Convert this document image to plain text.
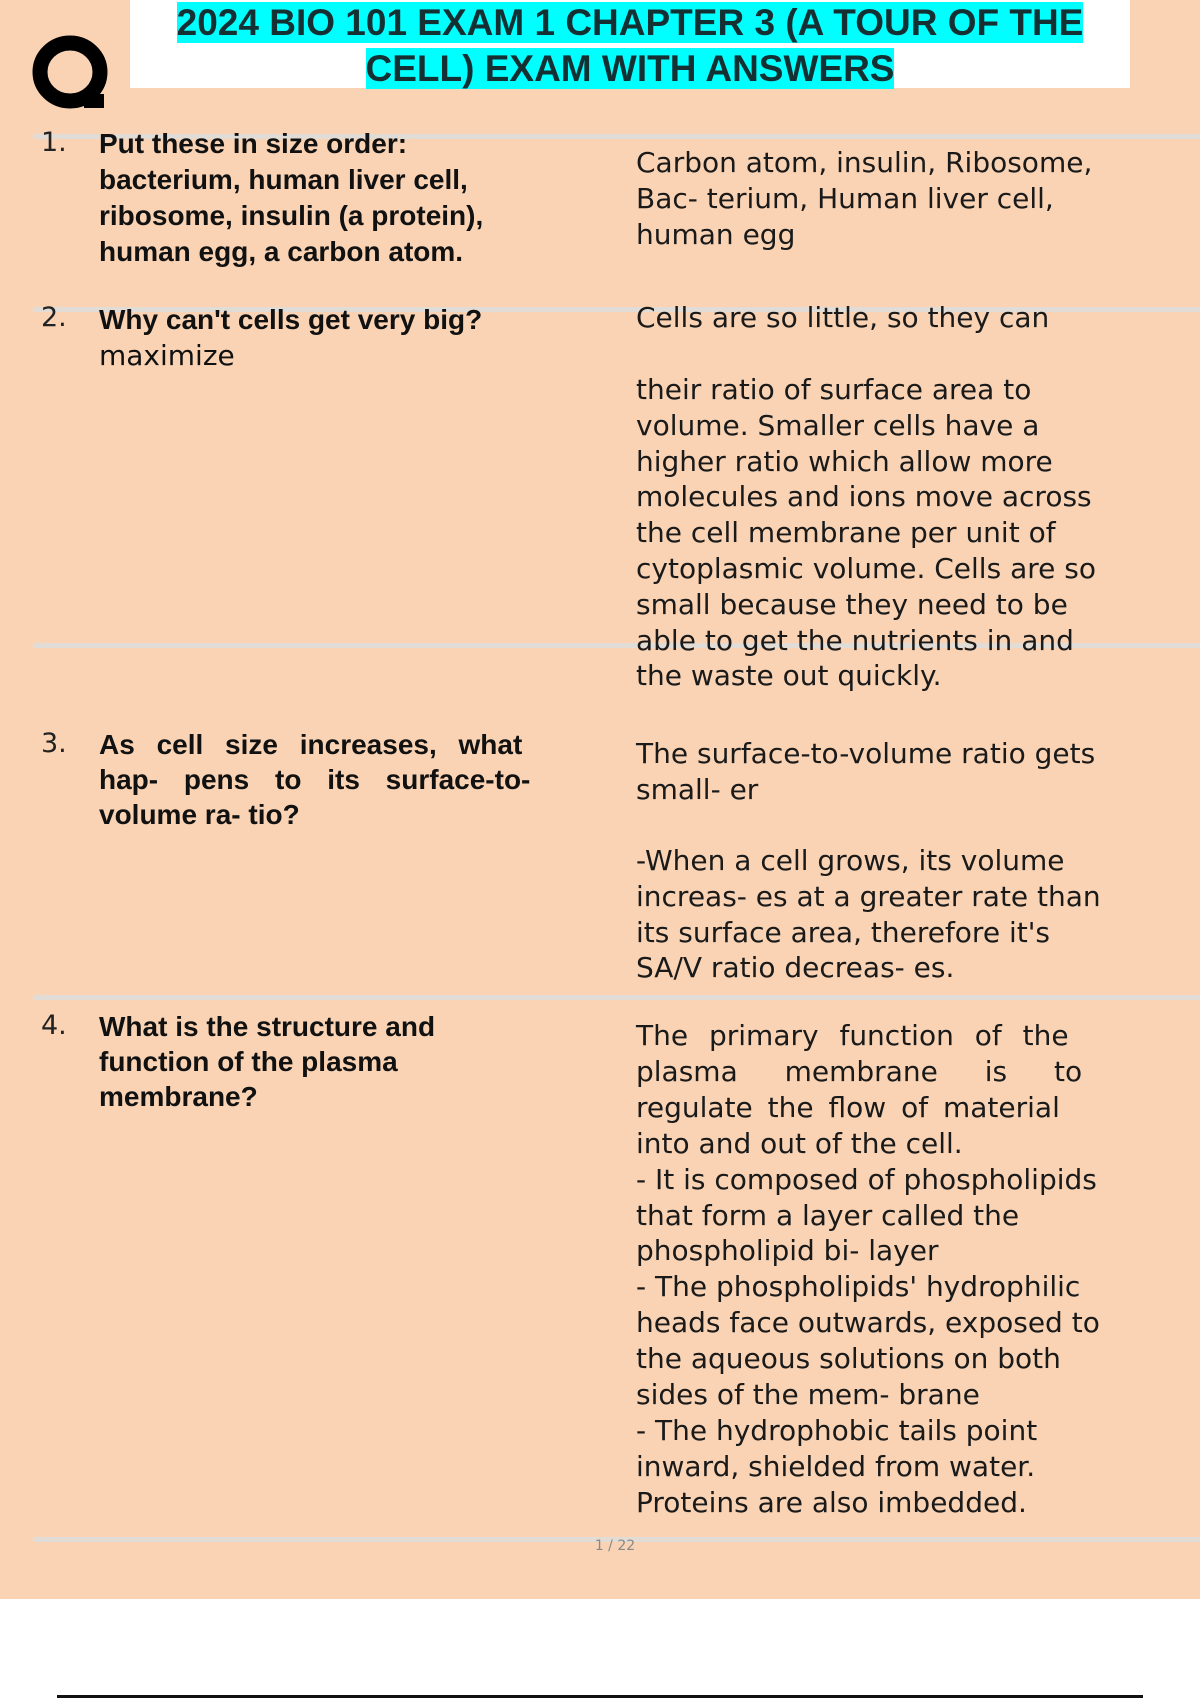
2024 BIO 101 EXAM 1 CHAPTER 3 (A TOUR OF THE
CELL) EXAM WITH ANSWERS
1. Put these in size order:
bacterium, human liver cell,
ribosome, insulin (a protein),
human egg, a carbon atom.
Carbon atom, insulin, Ribosome,
Bac- terium, Human liver cell,
human egg
2. Why can't cells get very big?
maximize
Cells are so little, so they can
their ratio of surface area to
volume. Smaller cells have a
higher ratio which allow more
molecules and ions move across
the cell membrane per unit of
cytoplasmic volume. Cells are so
small because they need to be
able to get the nutrients in and
the waste out quickly.
3. As cell size increases, what
hap- pens to its surface-to-
volume ra- tio?
The surface-to-volume ratio gets
small- er
-When a cell grows, its volume
increas- es at a greater rate than
its surface area, therefore it's
SA/V ratio decreas- es.
4. What is the structure and
function of the plasma
membrane?
The primary function of the
plasma membrane is to
regulate the flow of material
into and out of the cell.
- It is composed of phospholipids
that form a layer called the
phospholipid bi- layer
- The phospholipids' hydrophilic
heads face outwards, exposed to
the aqueous solutions on both
sides of the mem- brane
- The hydrophobic tails point
inward, shielded from water.
Proteins are also imbedded.
1 / 22
